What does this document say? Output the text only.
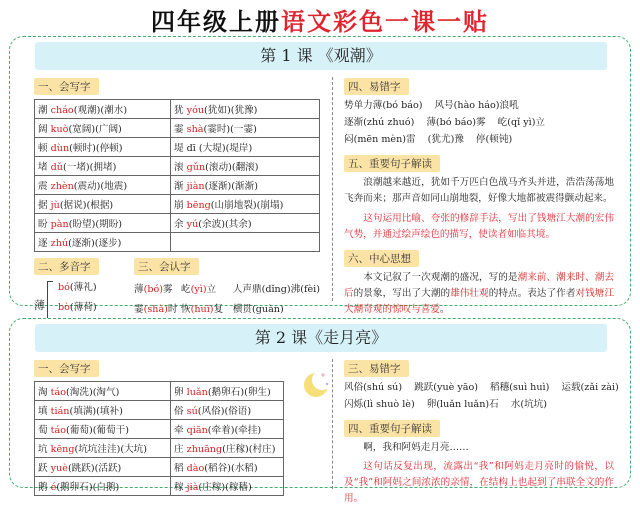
四年级上册语文彩色一课一贴
第 1 课 《观潮》
一、会写字
潮 cháo(观潮)(潮水)	犹 yóu(犹如)(犹豫)
阔 kuò(宽阔)(广阔)	霎 shà(霎时)(一霎)
顿 dùn(顿时)(停顿)	堤 dī (大堤)(堤岸)
堵 dǔ(一堵)(拥堵)	滚 gǔn(滚动)(翻滚)
震 zhèn(震动)(地震)	渐 jiàn(逐渐)(渐渐)
据 jù(据说)(根据)	崩 bēng(山崩地裂)(崩塌)
盼 pàn(盼望)(期盼)	余 yú(余波)(其余)
逐 zhú(逐渐)(逐步)	
二、多音字
薄
bó(薄礼)
bò(薄荷)
三、会认字
薄(bó)雾 屹(yì)立	人声鼎(dǐng)沸(fèi)
霎(shà)时 恢(huī)复	横贯(guàn)
四、易错字
势单力薄(bó báo) 风号(hào háo)浪吼
逐渐(zhú zhuó) 薄(bó báo)雾 屹(qǐ yì)立
闷(mēn mèn)雷 (犹尤)豫 停(顿钝)
五、重要句子解读

浪潮越来越近，犹如千万匹白色战马齐头并进，浩浩荡荡地飞奔而来；那声音如同山崩地裂，好像大地都被震得颤动起来。

这句运用比喻、夸张的修辞手法，写出了钱塘江大潮的宏伟气势，并通过绘声绘色的描写，使读者如临其境。

六、中心思想

本文记叙了一次观潮的盛况，写的是潮来前、潮来时、潮去后的景象，写出了大潮的雄伟壮观的特点。表达了作者对钱塘江大潮奇观的惊叹与喜爱。

第 2 课《走月亮》
一、会写字
淘 táo(淘洗)(淘气)	卵 luǎn(鹅卵石)(卵生)
填 tián(填满)(填补)	俗 sú(风俗)(俗语)
萄 táo(葡萄)(葡萄干)	牵 qiān(牵着)(牵挂)
坑 kēng(坑坑洼洼)(大坑)	庄 zhuāng(庄稼)(村庄)
跃 yuè(跳跃)(活跃)	稻 dào(稻谷)(水稻)
鹅 é(鹅卵石)(白鹅)	稼 jià(庄稼)(稼穑)
三、易错字
风俗(shú sú) 跳跃(yuè yāo) 稻穗(suì huì) 运载(zǎi zài)
闪烁(lì shuò lè) 卵(luǎn luǎn)石 水(坑坑)
四、重要句子解读

啊，我和阿妈走月亮……

这句话反复出现，流露出“我”和阿妈走月亮时的愉悦，以及“我”和阿妈之间浓浓的亲情，在结构上也起到了串联全文的作用。
